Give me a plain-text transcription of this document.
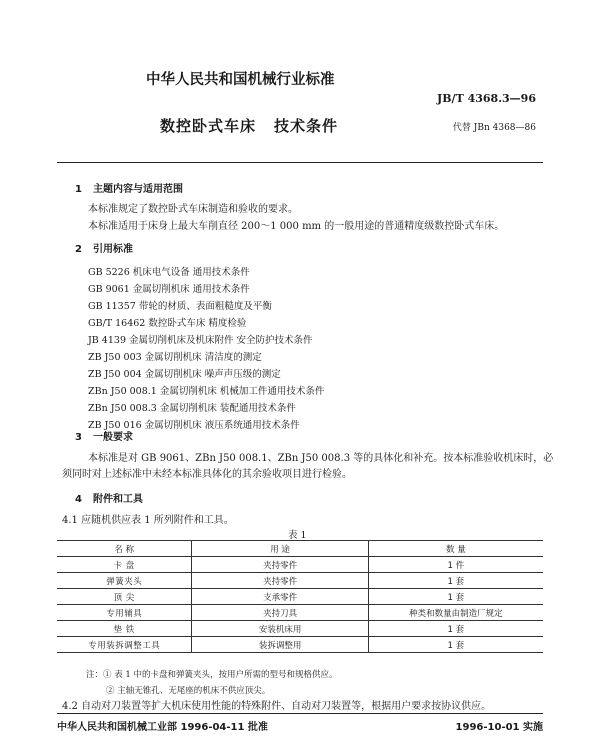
中华人民共和国机械行业标准
JB/T 4368.3—96
数控卧式车床 技术条件	代替 JBn 4368—86
1 主题内容与适用范围
本标准规定了数控卧式车床制造和验收的要求。
本标准适用于床身上最大车削直径 200～1 000 mm 的一般用途的普通精度级数控卧式车床。
2 引用标准
GB 5226 机床电气设备 通用技术条件
GB 9061 金属切削机床 通用技术条件
GB 11357 带轮的材质、表面粗糙度及平衡
GB/T 16462 数控卧式车床 精度检验
JB 4139 金属切削机床及机床附件 安全防护技术条件
ZB J50 003 金属切削机床 清洁度的测定
ZB J50 004 金属切削机床 噪声声压级的测定
ZBn J50 008.1 金属切削机床 机械加工件通用技术条件
ZBn J50 008.3 金属切削机床 装配通用技术条件
ZB J50 016 金属切削机床 液压系统通用技术条件
3 一般要求
本标准是对 GB 9061、ZBn J50 008.1、ZBn J50 008.3 等的具体化和补充。按本标准验收机床时，必
须同时对上述标准中未经本标准具体化的其余验收项目进行检验。
4 附件和工具
4.1 应随机供应表 1 所列附件和工具。
表 1
名 称	用 途	数 量
卡 盘	夹持零件	1 件
弹簧夹头	夹持零件	1 套
顶 尖	支承零件	1 套
专用辅具	夹持刀具	种类和数量由制造厂规定
垫 铁	安装机床用	1 套
专用装拆调整工具	装拆调整用	1 套
注：① 表 1 中的卡盘和弹簧夹头，按用户所需的型号和规格供应。
② 主轴无锥孔、无尾座的机床不供应顶尖。
4.2 自动对刀装置等扩大机床使用性能的特殊附件、自动对刀装置等，根据用户要求按协议供应。
中华人民共和国机械工业部 1996-04-11 批准	1996-10-01 实施
